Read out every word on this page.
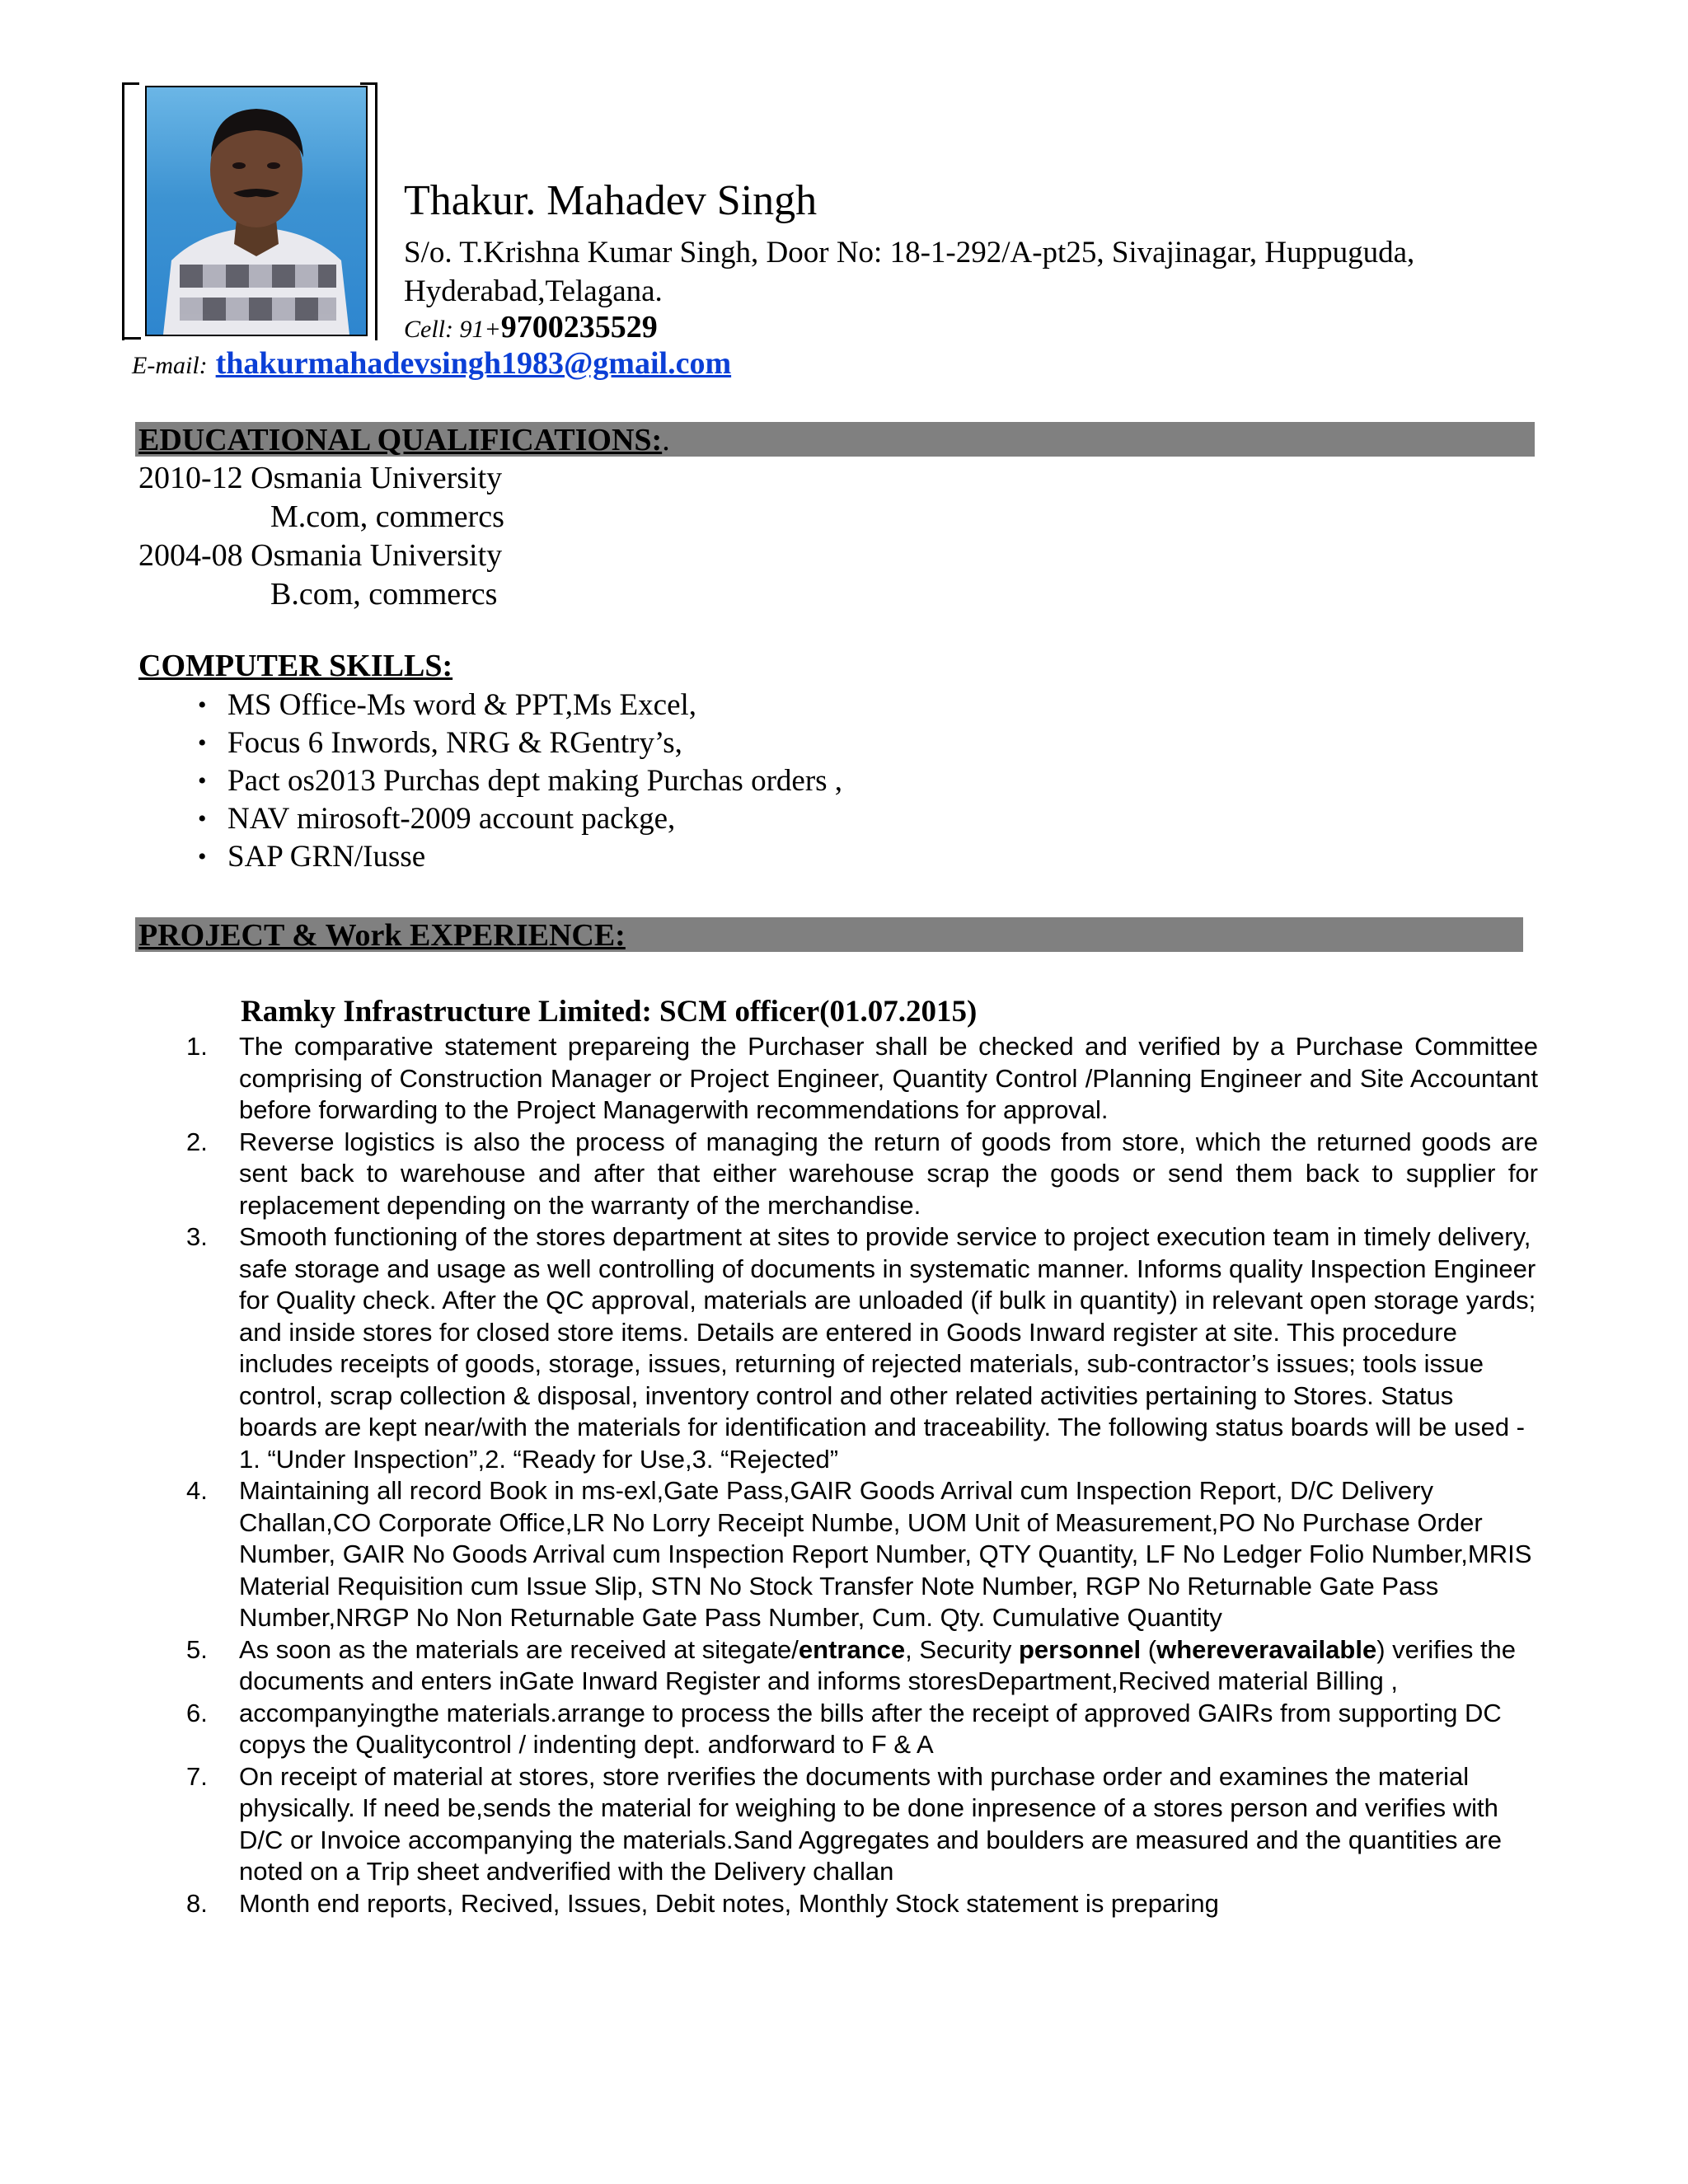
Thakur. Mahadev Singh
S/o. T.Krishna Kumar Singh, Door No: 18-1-292/A-pt25, Sivajinagar, Huppuguda,
Hyderabad,Telagana.
Cell: 91+9700235529
E-mail: thakurmahadevsingh1983@gmail.com
EDUCATIONAL QUALIFICATIONS:.
2010-12 Osmania University
M.com, commercs
2004-08 Osmania University
B.com, commercs
COMPUTER SKILLS:
• MS Office-Ms word & PPT,Ms Excel,
• Focus 6 Inwords, NRG & RGentry’s,
• Pact os2013 Purchas dept making Purchas orders ,
• NAV mirosoft-2009 account packge,
• SAP GRN/Iusse
PROJECT & Work EXPERIENCE:
Ramky Infrastructure Limited: SCM officer(01.07.2015)
1. The comparative statement prepareing the Purchaser shall be checked and verified by a Purchase Committee comprising of Construction Manager or Project Engineer, Quantity Control /Planning Engineer and Site Accountant before forwarding to the Project Managerwith recommendations for approval.
2. Reverse logistics is also the process of managing the return of goods from store, which the returned goods are sent back to warehouse and after that either warehouse scrap the goods or send them back to supplier for replacement depending on the warranty of the merchandise.
3. Smooth functioning of the stores department at sites to provide service to project execution team in timely delivery, safe storage and usage as well controlling of documents in systematic manner. Informs quality Inspection Engineer for Quality check. After the QC approval, materials are unloaded (if bulk in quantity) in relevant open storage yards; and inside stores for closed store items. Details are entered in Goods Inward register at site. This procedure includes receipts of goods, storage, issues, returning of rejected materials, sub-contractor’s issues; tools issue control, scrap collection & disposal, inventory control and other related activities pertaining to Stores. Status boards are kept near/with the materials for identification and traceability. The following status boards will be used - 1. “Under Inspection”,2. “Ready for Use,3. “Rejected”
4. Maintaining all record Book in ms-exl,Gate Pass,GAIR Goods Arrival cum Inspection Report, D/C Delivery Challan,CO Corporate Office,LR No Lorry Receipt Numbe, UOM Unit of Measurement,PO No Purchase Order Number, GAIR No Goods Arrival cum Inspection Report Number, QTY Quantity, LF No Ledger Folio Number,MRIS Material Requisition cum Issue Slip, STN No Stock Transfer Note Number, RGP No Returnable Gate Pass Number,NRGP No Non Returnable Gate Pass Number, Cum. Qty. Cumulative Quantity
5. As soon as the materials are received at sitegate/entrance, Security personnel (whereveravailable) verifies the documents and enters inGate Inward Register and informs storesDepartment,Recived material Billing ,
6. accompanyingthe materials.arrange to process the bills after the receipt of approved GAIRs from supporting DC copys the Qualitycontrol / indenting dept. andforward to F & A
7. On receipt of material at stores, store rverifies the documents with purchase order and examines the material physically. If need be,sends the material for weighing to be done inpresence of a stores person and verifies with D/C or Invoice accompanying the materials.Sand Aggregates and boulders are measured and the quantities are noted on a Trip sheet andverified with the Delivery challan
8. Month end reports, Recived, Issues, Debit notes, Monthly Stock statement is preparing
